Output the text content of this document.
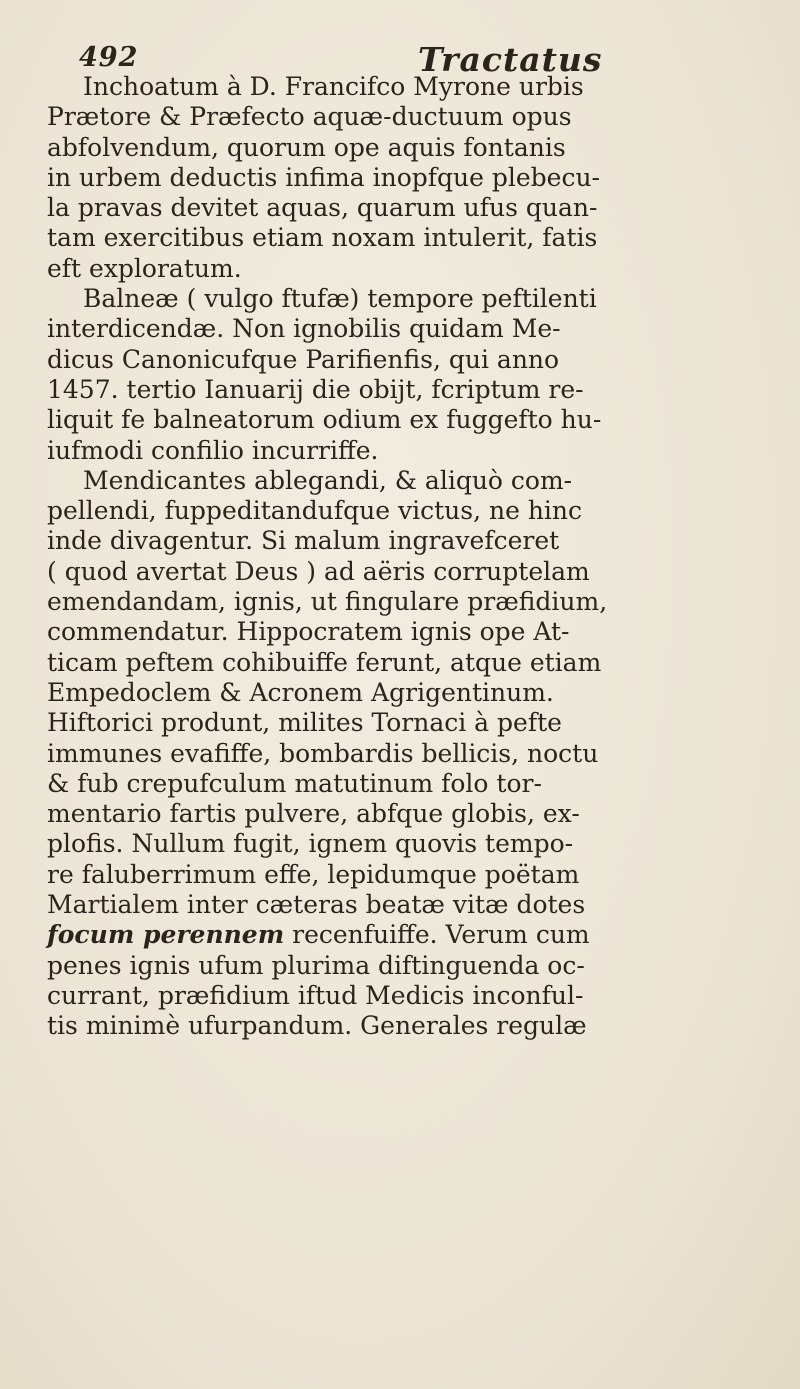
492	Tractatus
Inchoatum à D. Francifco Myrone urbis
Prætore & Præfecto aquæ-ductuum opus
abfolvendum, quorum ope aquis fontanis
in urbem deductis infima inopfque plebecu-
la pravas devitet aquas, quarum ufus quan-
tam exercitibus etiam noxam intulerit, fatis
eft exploratum.
Balneæ ( vulgo ftufæ) tempore peftilenti
interdicendæ. Non ignobilis quidam Me-
dicus Canonicufque Parifienfis, qui anno
1457. tertio Ianuarij die obijt, fcriptum re-
liquit fe balneatorum odium ex fuggefto hu-
iufmodi confilio incurriffe.
Mendicantes ablegandi, & aliquò com-
pellendi, fuppeditandufque victus, ne hinc
inde divagentur. Si malum ingravefceret
( quod avertat Deus ) ad aëris corruptelam
emendandam, ignis, ut fingulare præfidium,
commendatur. Hippocratem ignis ope At-
ticam peftem cohibuiffe ferunt, atque etiam
Empedoclem & Acronem Agrigentinum.
Hiftorici produnt, milites Tornaci à pefte
immunes evafiffe, bombardis bellicis, noctu
& fub crepufculum matutinum folo tor-
mentario fartis pulvere, abfque globis, ex-
plofis. Nullum fugit, ignem quovis tempo-
re faluberrimum effe, lepidumque poëtam
Martialem inter cæteras beatæ vitæ dotes
focum perennem recenfuiffe. Verum cum
penes ignis ufum plurima diftinguenda oc-
currant, præfidium iftud Medicis inconful-
tis minimè ufurpandum. Generales regulæ
